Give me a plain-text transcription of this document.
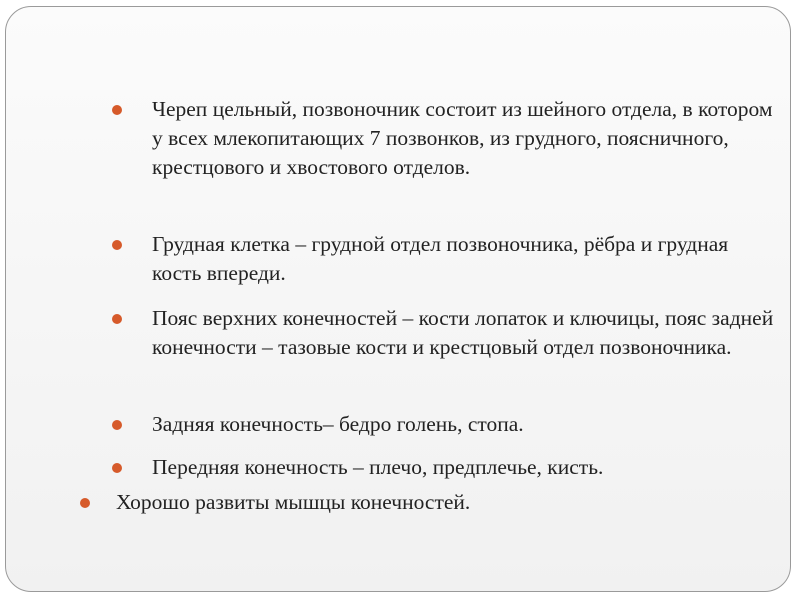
Череп цельный, позвоночник состоит из шейного отдела, в котором у всех млекопитающих 7 позвонков, из грудного, поясничного, крестцового и хвостового отделов.
Грудная клетка – грудной отдел позвоночника, рёбра и грудная кость впереди.
Пояс верхних конечностей – кости лопаток и ключицы, пояс задней конечности – тазовые кости и крестцовый отдел позвоночника.
Задняя конечность– бедро голень, стопа.
Передняя конечность – плечо, предплечье, кисть.
Хорошо развиты мышцы конечностей.
